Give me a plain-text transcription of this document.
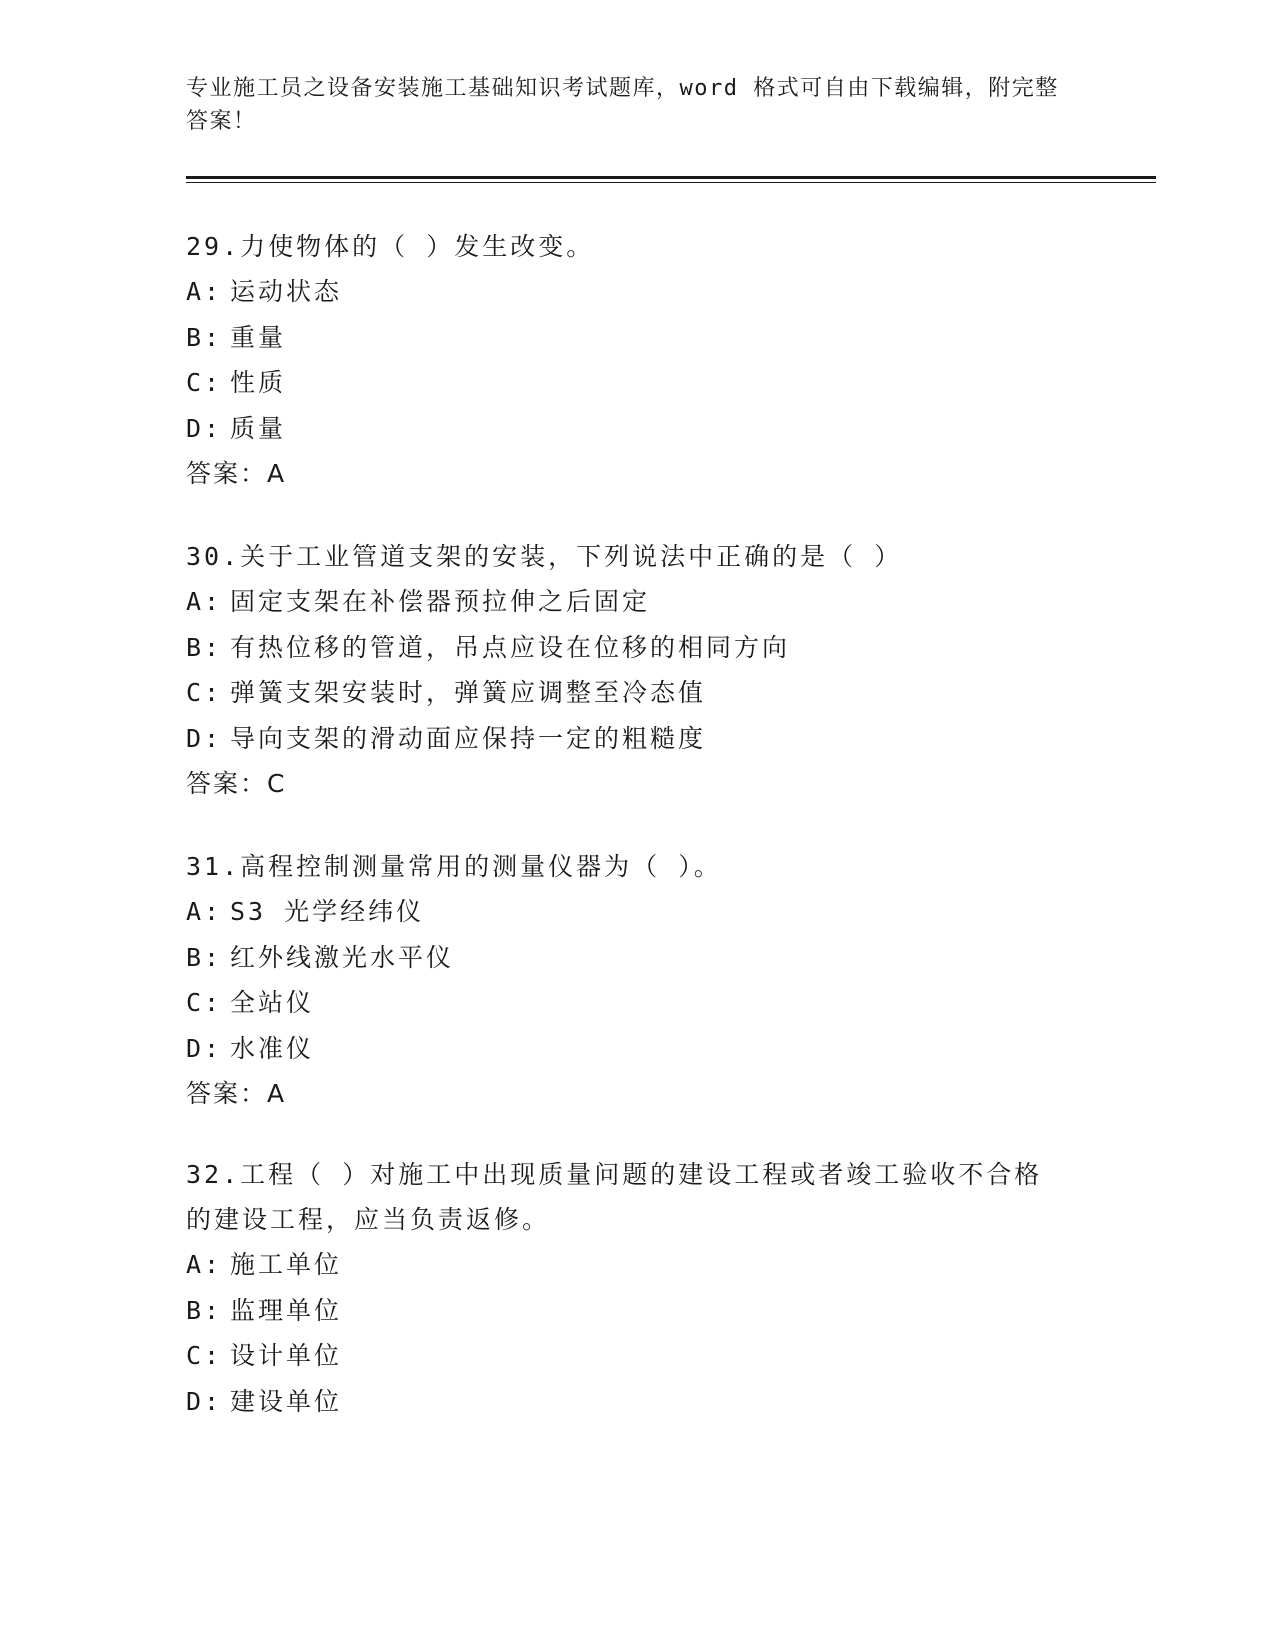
专业施工员之设备安装施工基础知识考试题库，word 格式可自由下载编辑，附完整答案！
29.力使物体的（ ）发生改变。
A: 运动状态
B: 重量
C: 性质
D: 质量
答案：A
30.关于工业管道支架的安装，下列说法中正确的是（ ）
A: 固定支架在补偿器预拉伸之后固定
B: 有热位移的管道，吊点应设在位移的相同方向
C: 弹簧支架安装时，弹簧应调整至冷态值
D: 导向支架的滑动面应保持一定的粗糙度
答案：C
31.高程控制测量常用的测量仪器为（ ）。
A: S3 光学经纬仪
B: 红外线激光水平仪
C: 全站仪
D: 水准仪
答案：A
32.工程（ ）对施工中出现质量问题的建设工程或者竣工验收不合格的建设工程，应当负责返修。
A: 施工单位
B: 监理单位
C: 设计单位
D: 建设单位
